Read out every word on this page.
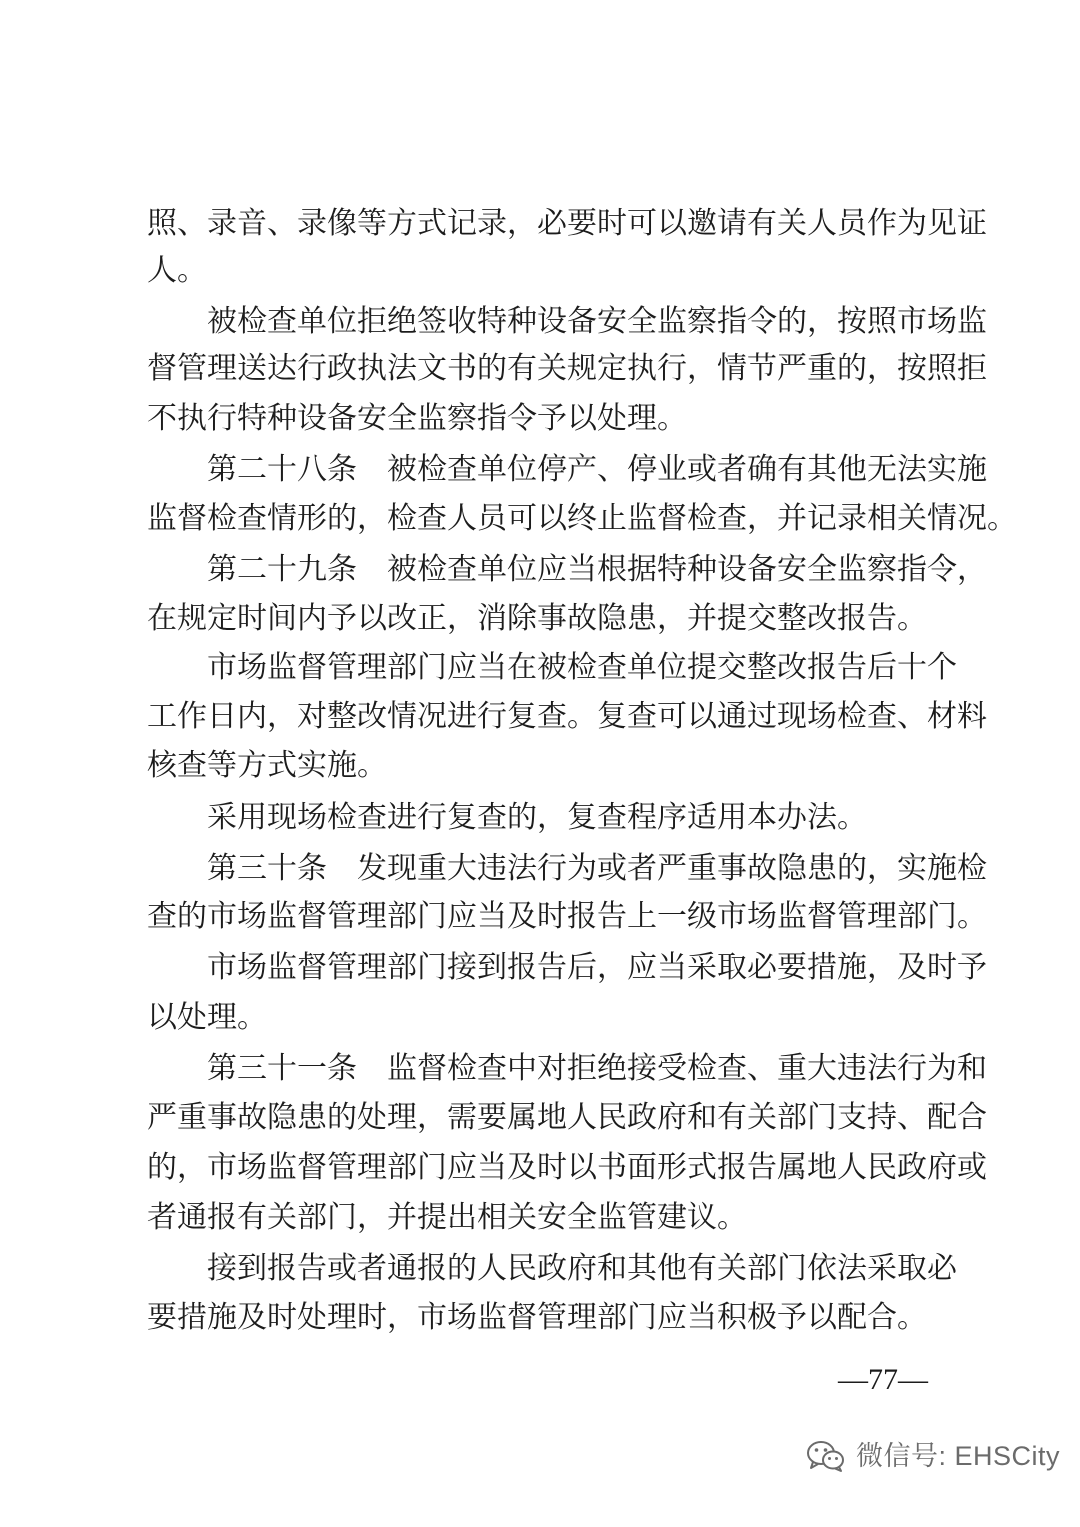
照、录音、录像等方式记录，必要时可以邀请有关人员作为见证
人。
被检查单位拒绝签收特种设备安全监察指令的，按照市场监
督管理送达行政执法文书的有关规定执行，情节严重的，按照拒
不执行特种设备安全监察指令予以处理。
第二十八条　被检查单位停产、停业或者确有其他无法实施
监督检查情形的，检查人员可以终止监督检查，并记录相关情况。
第二十九条　被检查单位应当根据特种设备安全监察指令，
在规定时间内予以改正，消除事故隐患，并提交整改报告。
市场监督管理部门应当在被检查单位提交整改报告后十个
工作日内，对整改情况进行复查。复查可以通过现场检查、材料
核查等方式实施。
采用现场检查进行复查的，复查程序适用本办法。
第三十条　发现重大违法行为或者严重事故隐患的，实施检
查的市场监督管理部门应当及时报告上一级市场监督管理部门。
市场监督管理部门接到报告后，应当采取必要措施，及时予
以处理。
第三十一条　监督检查中对拒绝接受检查、重大违法行为和
严重事故隐患的处理，需要属地人民政府和有关部门支持、配合
的，市场监督管理部门应当及时以书面形式报告属地人民政府或
者通报有关部门，并提出相关安全监管建议。
接到报告或者通报的人民政府和其他有关部门依法采取必
要措施及时处理时，市场监督管理部门应当积极予以配合。
—77—
微信号: EHSCity
